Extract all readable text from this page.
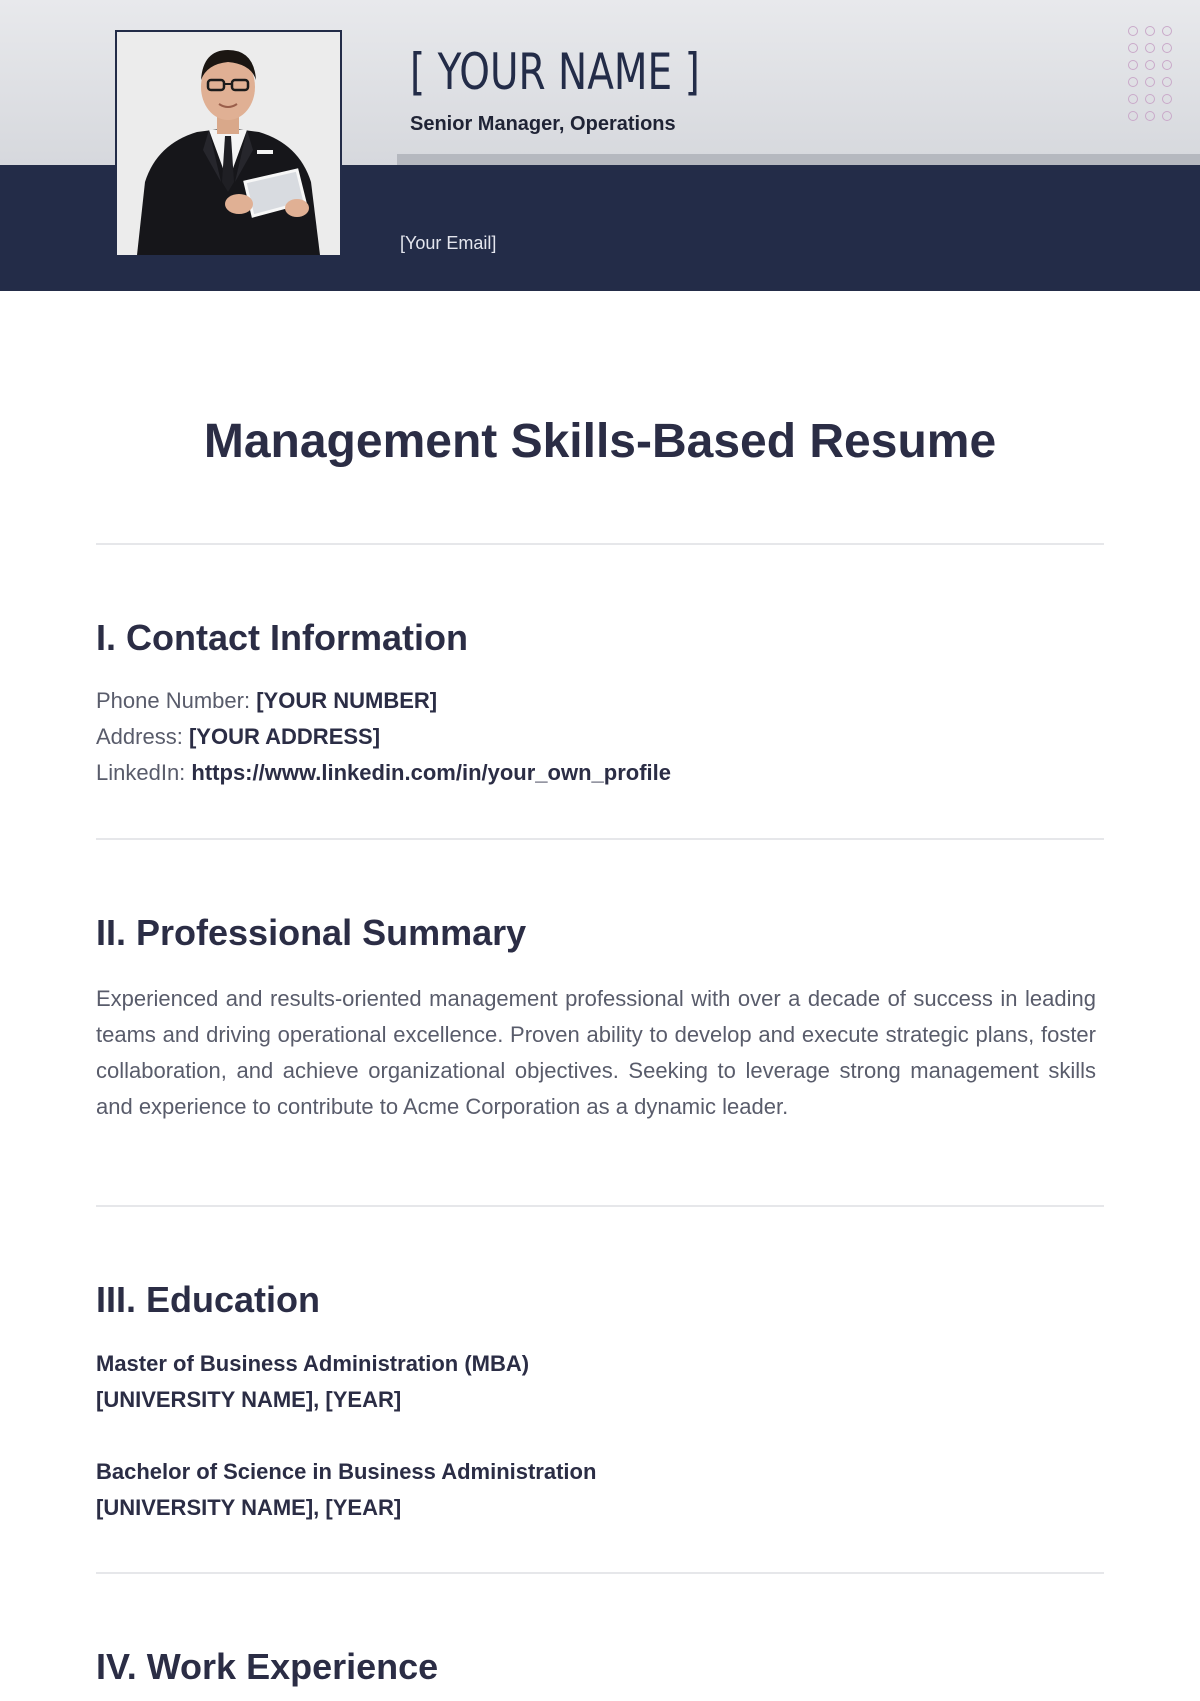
[ YOUR NAME ]
Senior Manager, Operations
[Your Email]
Management Skills-Based Resume
I. Contact Information
Phone Number: [YOUR NUMBER]
Address: [YOUR ADDRESS]
LinkedIn: https://www.linkedin.com/in/your_own_profile
II. Professional Summary
Experienced and results-oriented management professional with over a decade of success in leading teams and driving operational excellence. Proven ability to develop and execute strategic plans, foster collaboration, and achieve organizational objectives. Seeking to leverage strong management skills and experience to contribute to Acme Corporation as a dynamic leader.
III. Education
Master of Business Administration (MBA)
[UNIVERSITY NAME], [YEAR]
Bachelor of Science in Business Administration
[UNIVERSITY NAME], [YEAR]
IV. Work Experience
